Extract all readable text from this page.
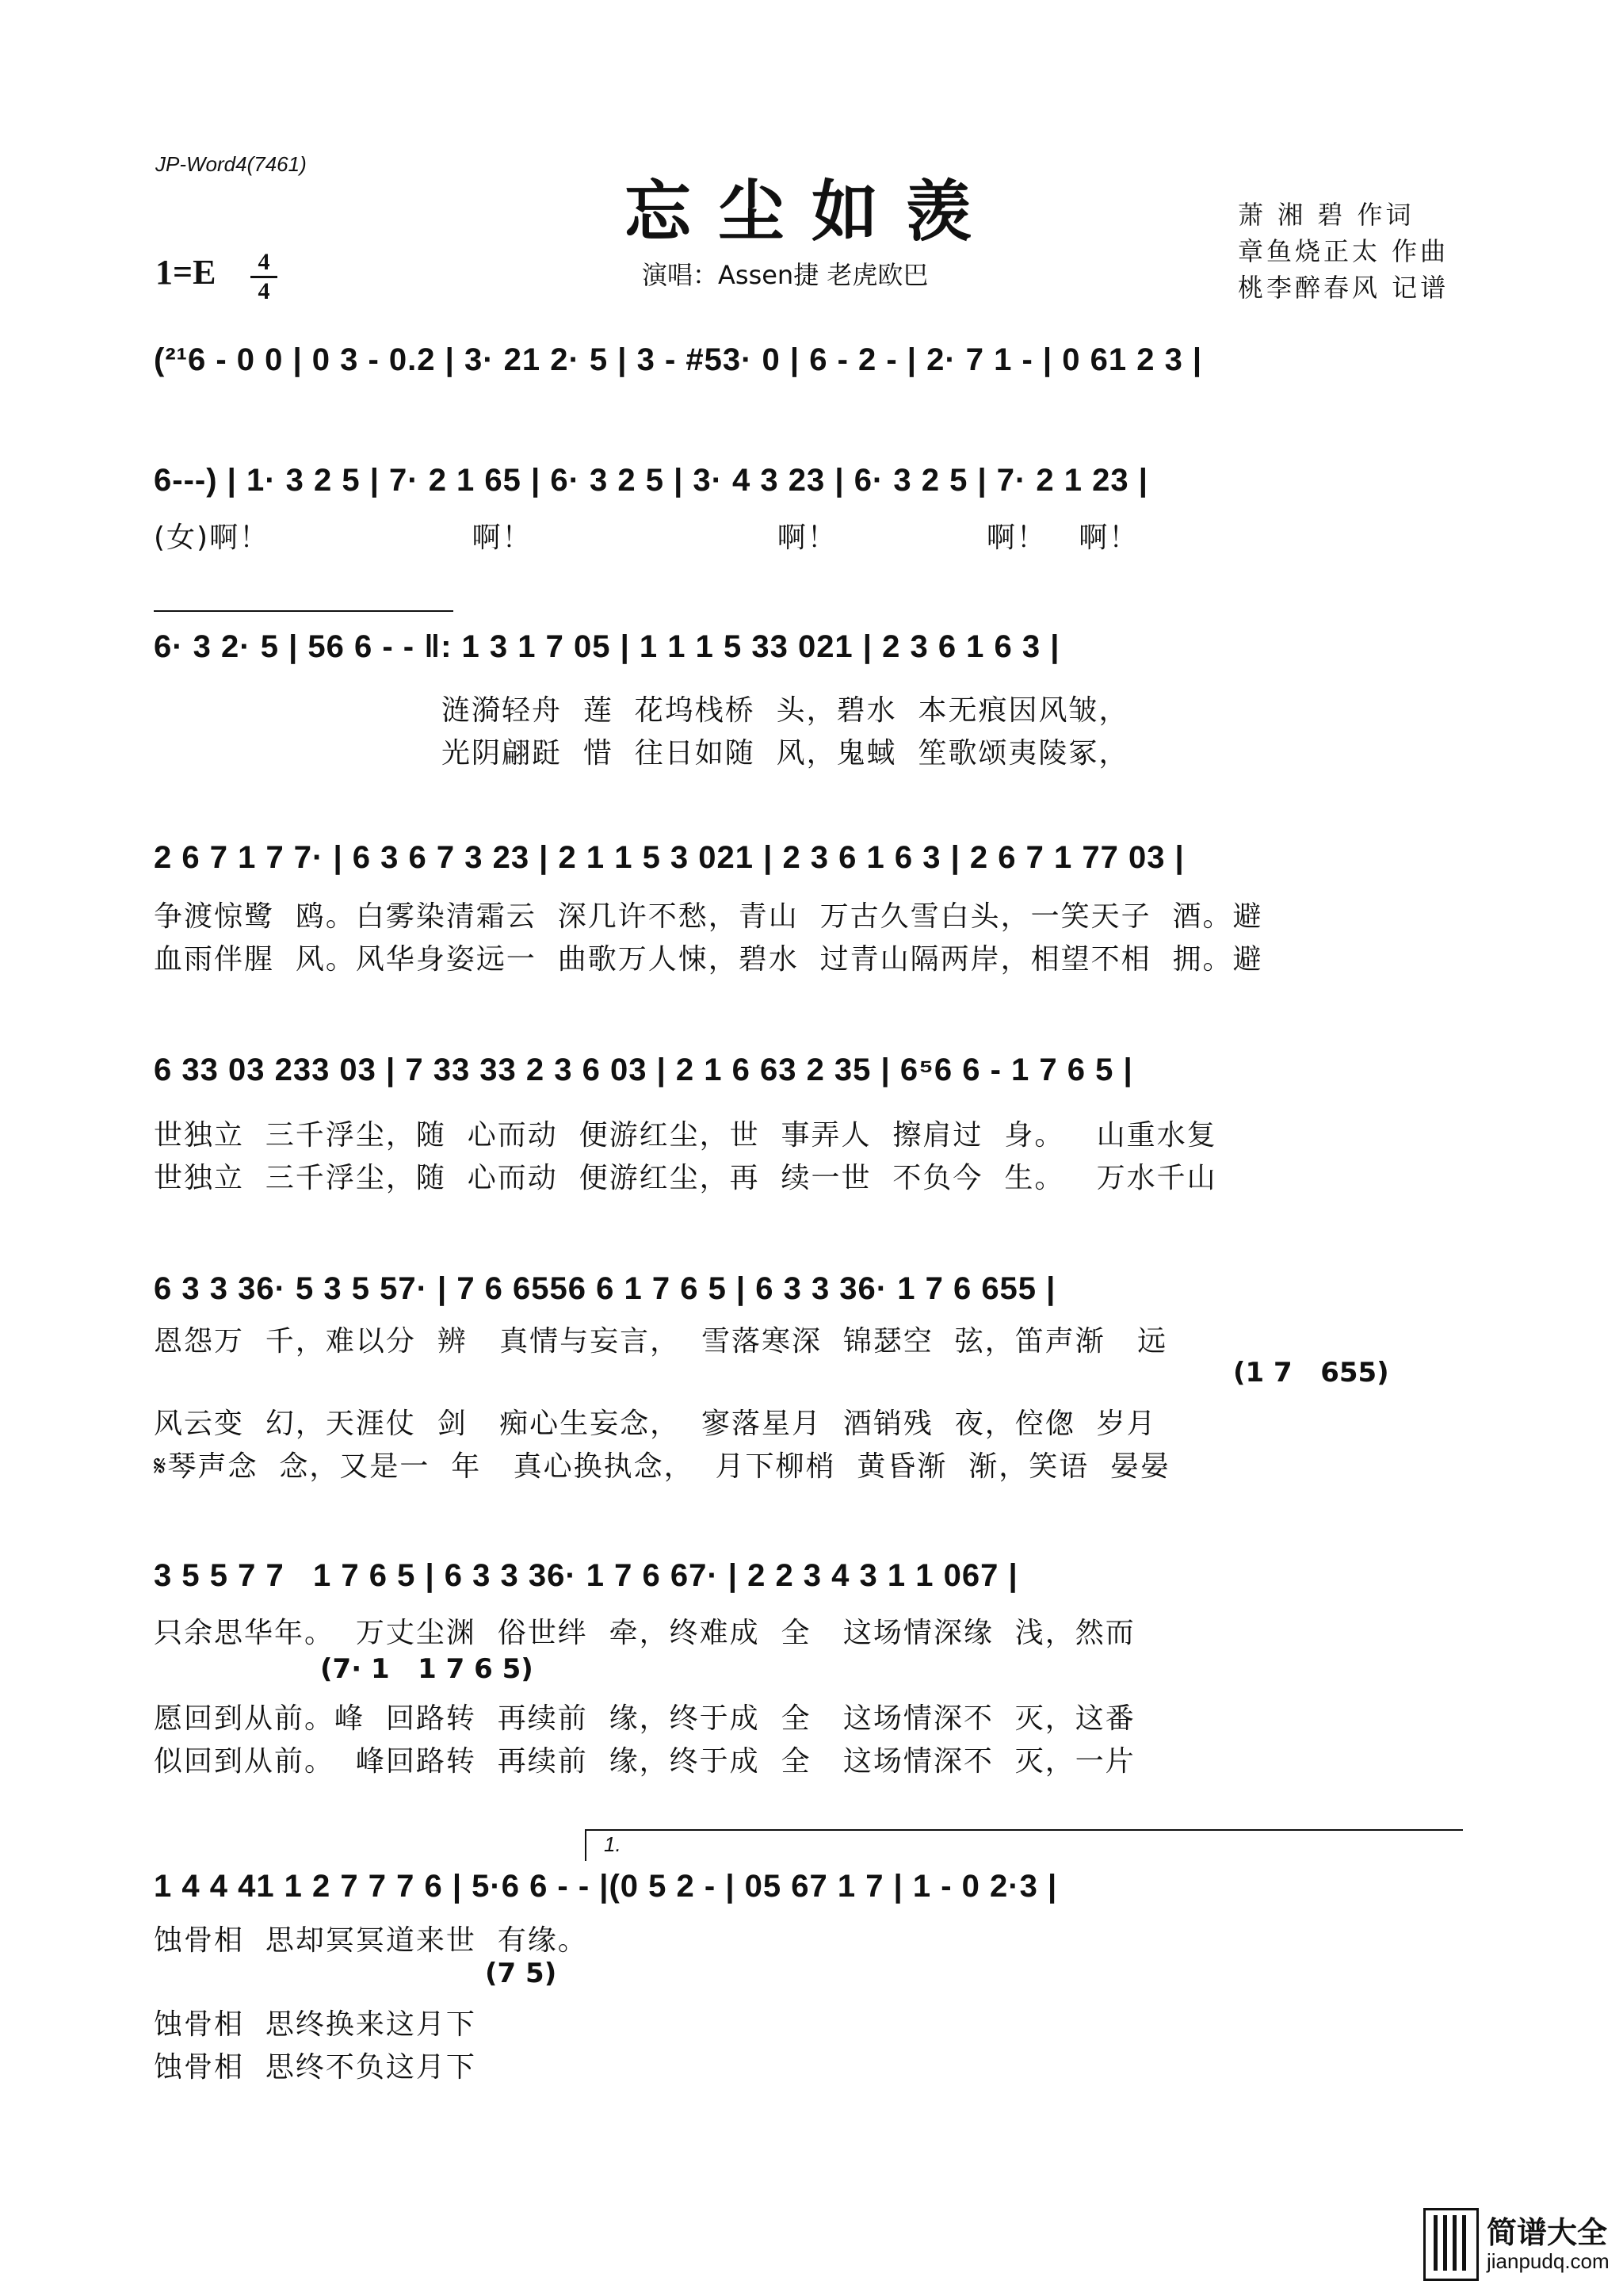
JP-Word4(7461)
忘尘如羡
1=E	4
4
演唱：Assen捷 老虎欧巴
萧 湘 碧 作词
章鱼烧正太 作曲
桃李醉春风 记谱
(²¹6 - 0 0 | 0 3 - 0.2 | 3· 21 2· 5 | 3 - #53· 0 | 6 - 2 - | 2· 7 1 - | 0 61 2 3 |
6---) | 1· 3 2 5 | 7· 2 1 65 | 6· 3 2 5 | 3· 4 3 23 | 6· 3 2 5 | 7· 2 1 23 |
(女)啊！                   啊！                       啊！              啊！   啊！
6· 3 2· 5 | 56 6 - - ‖: 1 3 1 7 05 | 1 1 1 5 33 021 | 2 3 6 1 6 3 |
涟漪轻舟  莲  花坞栈桥  头，碧水  本无痕因风皱，
光阴翩跹  惜  往日如随  风，鬼蜮  笙歌颂夷陵冢，
2 6 7 1 7 7· | 6 3 6 7 3 23 | 2 1 1 5 3 021 | 2 3 6 1 6 3 | 2 6 7 1 77 03 |
争渡惊鹭  鸥。白雾染清霜云  深几许不愁，青山  万古久雪白头，一笑天子  酒。避
血雨伴腥  风。风华身姿远一  曲歌万人悚，碧水  过青山隔两岸，相望不相  拥。避
6 33 03 233 03 | 7 33 33 2 3 6 03 | 2 1 6 63 2 35 | 6⁵6 6 - 1 7 6 5 |
世独立  三千浮尘，随  心而动  便游红尘，世  事弄人  擦肩过  身。   山重水复
世独立  三千浮尘，随  心而动  便游红尘，再  续一世  不负今  生。   万水千山
6 3 3 36· 5 3 5 57· | 7 6 6556 6 1 7 6 5 | 6 3 3 36· 1 7 6 655 |
恩怨万  千，难以分  辨   真情与妄言，  雪落寒深  锦瑟空  弦，笛声渐   远
(1 7   655)
风云变  幻，天涯仗  剑   痴心生妄念，  寥落星月  酒销残  夜，倥偬  岁月
𝄋琴声念  念，又是一  年   真心换执念，  月下柳梢  黄昏渐  渐，笑语  晏晏
3 5 5 7 7   1 7 6 5 | 6 3 3 36· 1 7 6 67· | 2 2 3 4 3 1 1 067 |
只余思华年。  万丈尘渊  俗世绊  牵，终难成  全   这场情深缘  浅，然而
(7· 1   1 7 6 5)
愿回到从前。峰  回路转  再续前  缘，终于成  全   这场情深不  灭，这番
似回到从前。  峰回路转  再续前  缘，终于成  全   这场情深不  灭，一片
1.
1 4 4 41 1 2 7 7 7 6 | 5·6 6 - - |(0 5 2 - | 05 67 1 7 | 1 - 0 2·3 |
蚀骨相  思却冥冥道来世  有缘。
(7 5)
蚀骨相  思终换来这月下
蚀骨相  思终不负这月下
简谱大全
jianpudq.com
